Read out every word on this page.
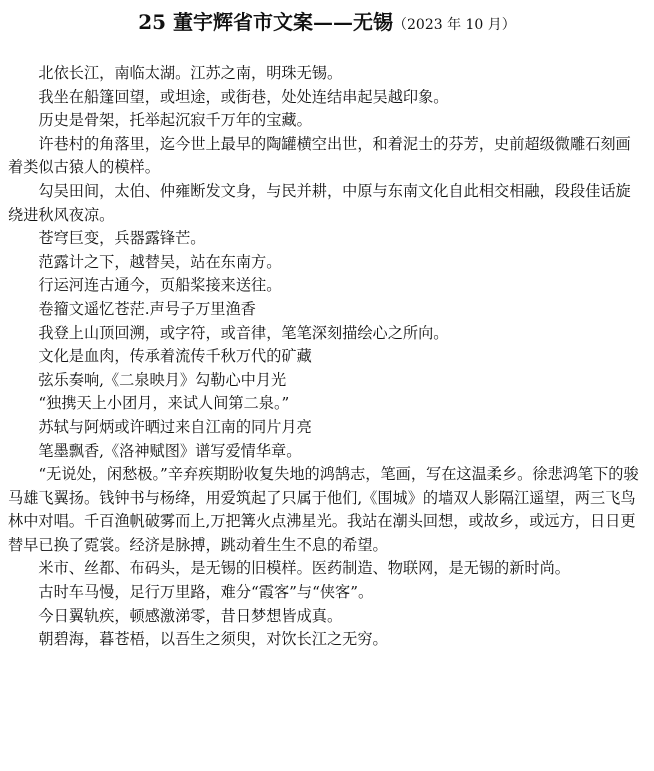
25 董宇辉省市文案——无锡（2023 年 10 月）

北依长江，南临太湖。江苏之南，明珠无锡。

我坐在船篷回望，或坦途，或街巷，处处连结串起吴越印象。

历史是骨架，托举起沉寂千万年的宝藏。

许巷村的角落里，迄今世上最早的陶罐横空出世，和着泥士的芬芳，史前超级微雕石刻画着类似古猿人的模样。

勾吴田间，太伯、仲雍断发文身，与民并耕，中原与东南文化自此相交相融，段段佳话旋绕进秋风夜凉。

苍穹巨变，兵器露锋芒。

范露计之下，越替吴，站在东南方。

行运河连古通今，页船桨接来送往。

卷籀文遥忆苍茫.声号子万里渔香

我登上山顶回溯，或字符，或音律，笔笔深刻描绘心之所向。

文化是血肉，传承着流传千秋万代的矿藏

弦乐奏响,《二泉映月》勾勒心中月光

“独携天上小团月，来试人间第二泉。”

苏轼与阿炳或许晒过来自江南的同片月亮

笔墨飘香,《洛神赋图》谱写爱情华章。

“无说处，闲愁极。”辛弃疾期盼收复失地的鸿鹄志，笔画，写在这温柔乡。徐悲鸿笔下的骏马雄飞翼扬。钱钟书与杨绛，用爱筑起了只属于他们,《围城》的墙双人影隔江遥望，两三飞鸟林中对唱。千百渔帆破雾而上,万把篝火点沸星光。我站在潮头回想，或故乡，或远方，日日更替早已换了霓裳。经济是脉搏，跳动着生生不息的希望。

米市、丝都、布码头，是无锡的旧模样。医药制造、物联网，是无锡的新时尚。

古时车马慢，足行万里路，难分“霞客”与“侠客”。

今日翼轨疾，顿感激涕零，昔日梦想皆成真。

朝碧海，暮苍梧，以吾生之须臾，对饮长江之无穷。
